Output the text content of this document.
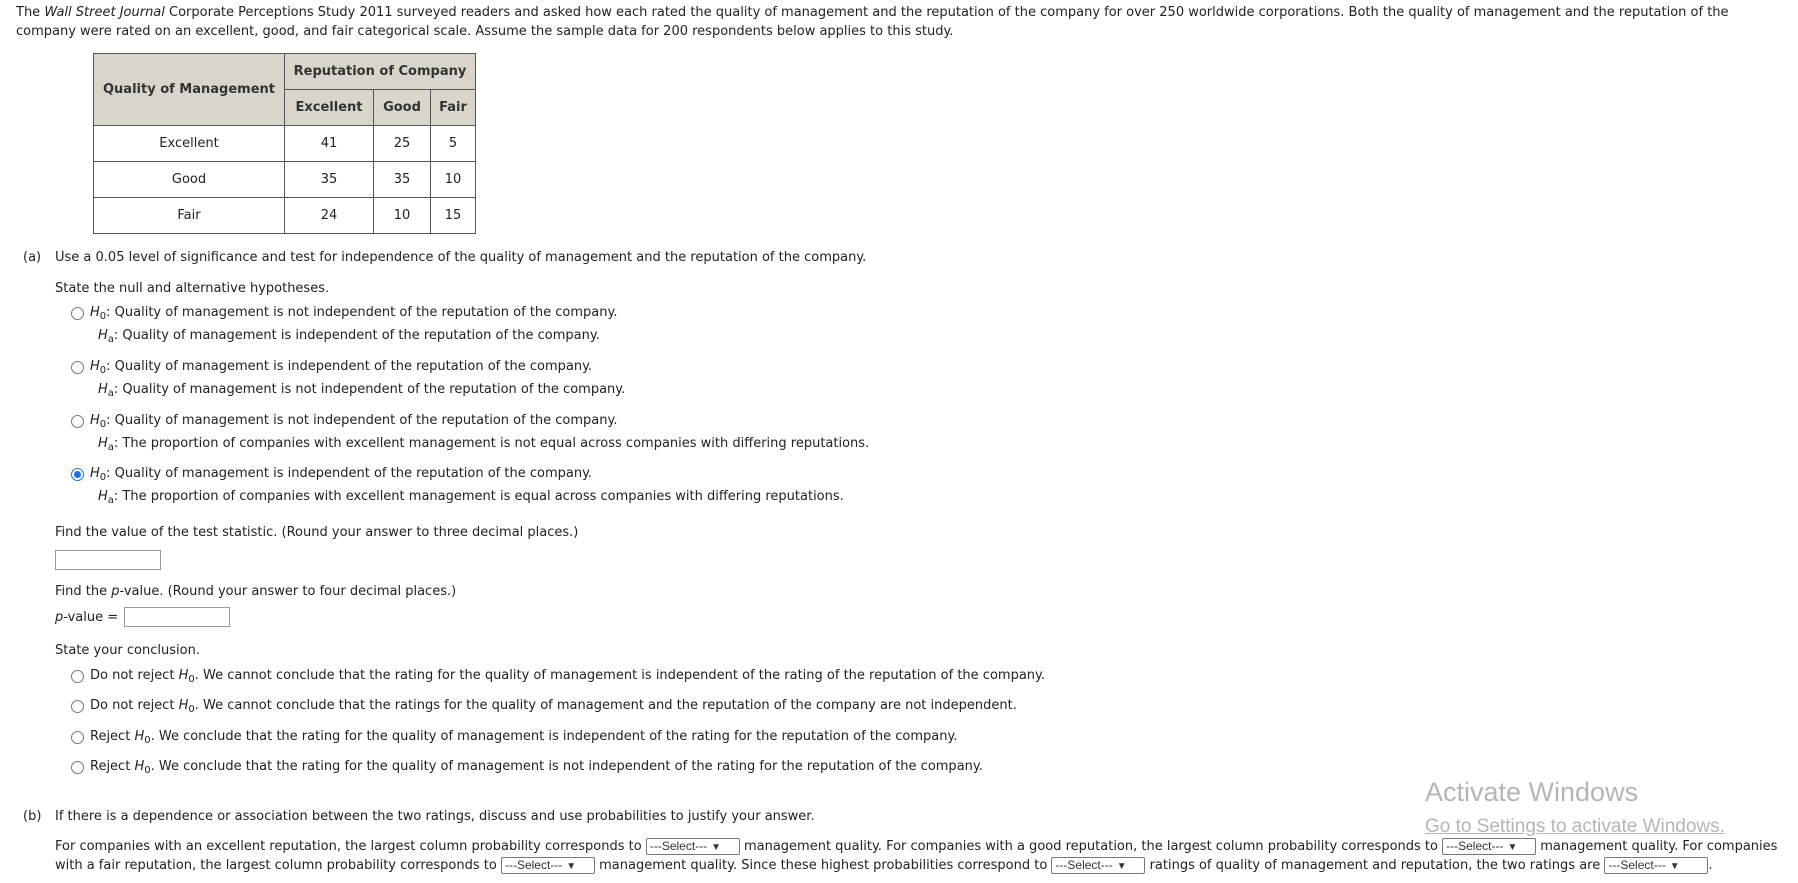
The Wall Street Journal Corporate Perceptions Study 2011 surveyed readers and asked how each rated the quality of management and the reputation of the company for over 250 worldwide corporations. Both the quality of management and the reputation of the company were rated on an excellent, good, and fair categorical scale. Assume the sample data for 200 respondents below applies to this study.
Quality of Management	Reputation of Company		
	Excellent	Good	Fair
Excellent	41	25	5
Good	35	35	10
Fair	24	10	15
(a) Use a 0.05 level of significance and test for independence of the quality of management and the reputation of the company.
State the null and alternative hypotheses.
$H_0$: Quality of management is not independent of the reputation of the company.
$H_a$: Quality of management is independent of the reputation of the company.
$H_0$: Quality of management is independent of the reputation of the company.
$H_a$: Quality of management is not independent of the reputation of the company.
$H_0$: Quality of management is not independent of the reputation of the company.
$H_a$: The proportion of companies with excellent management is not equal across companies with differing reputations.
$H_0$: Quality of management is independent of the reputation of the company.
$H_a$: The proportion of companies with excellent management is equal across companies with differing reputations.
Find the value of the test statistic. (Round your answer to three decimal places.)
Find the p-value. (Round your answer to four decimal places.)
p-value =
State your conclusion.
Do not reject $H_0$. We cannot conclude that the rating for the quality of management is independent of the rating of the reputation of the company.
Do not reject $H_0$. We cannot conclude that the ratings for the quality of management and the reputation of the company are not independent.
Reject $H_0$. We conclude that the rating for the quality of management is independent of the rating for the reputation of the company.
Reject $H_0$. We conclude that the rating for the quality of management is not independent of the rating for the reputation of the company.
(b) If there is a dependence or association between the two ratings, discuss and use probabilities to justify your answer.
For companies with an excellent reputation, the largest column probability corresponds to ---Select--- ▼ management quality. For companies with a good reputation, the largest column probability corresponds to ---Select--- ▼ management quality. For companies
with a fair reputation, the largest column probability corresponds to ---Select--- ▼ management quality. Since these highest probabilities correspond to ---Select--- ▼ ratings of quality of management and reputation, the two ratings are ---Select--- ▼ .
Activate Windows
Go to Settings to activate Windows.
